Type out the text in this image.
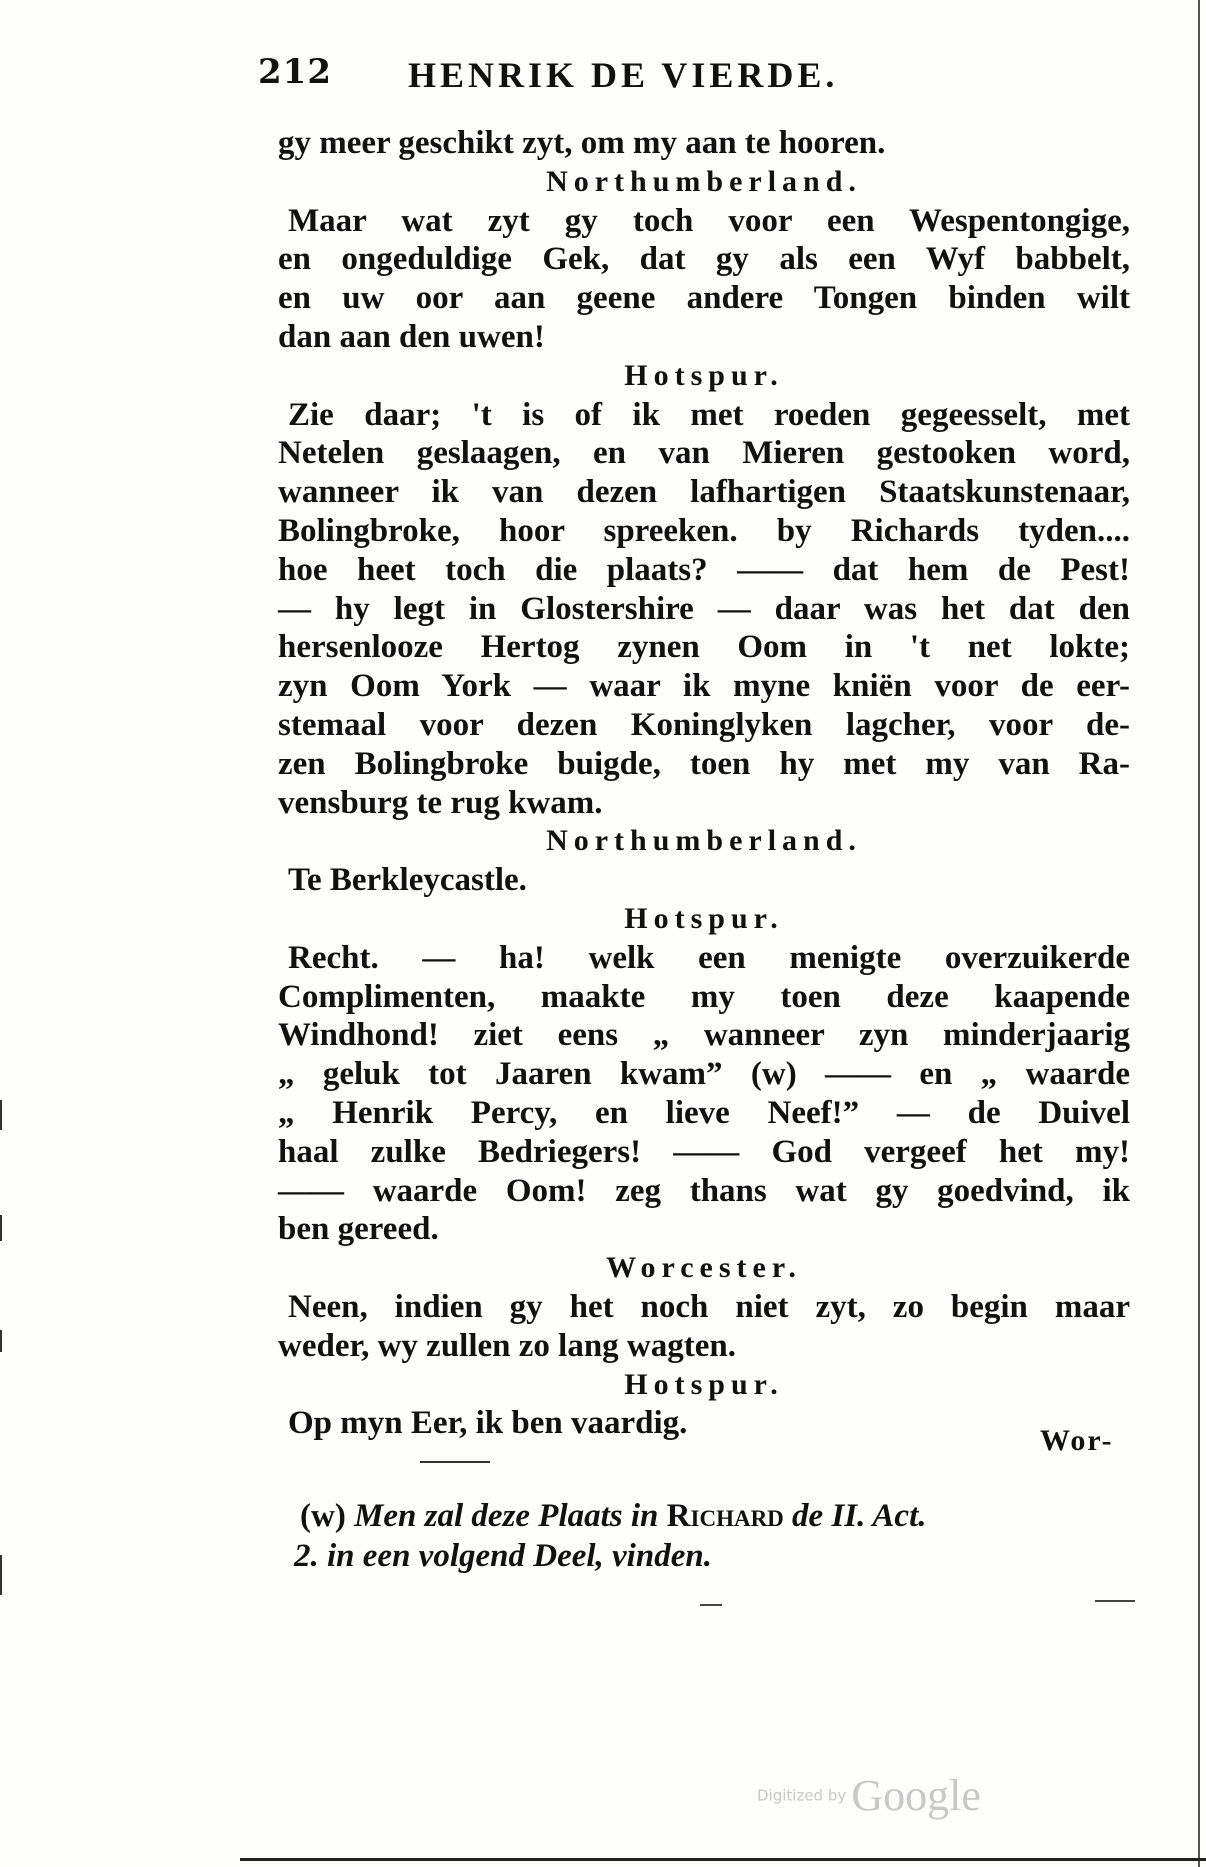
212 HENRIK DE VIERDE.
gy meer geschikt zyt, om my aan te hooren.
Northumberland.
Maar wat zyt gy toch voor een Wespentongige,
en ongeduldige Gek, dat gy als een Wyf babbelt,
en uw oor aan geene andere Tongen binden wilt
dan aan den uwen!
Hotspur.
Zie daar; 't is of ik met roeden gegeesselt, met
Netelen geslaagen, en van Mieren gestooken word,
wanneer ik van dezen lafhartigen Staatskunstenaar,
Bolingbroke, hoor spreeken. by Richards tyden....
hoe heet toch die plaats? —— dat hem de Pest!
— hy legt in Glostershire — daar was het dat den
hersenlooze Hertog zynen Oom in 't net lokte;
zyn Oom York — waar ik myne kniën voor de eer-
stemaal voor dezen Koninglyken lagcher, voor de-
zen Bolingbroke buigde, toen hy met my van Ra-
vensburg te rug kwam.
Northumberland.
Te Berkleycastle.
Hotspur.
Recht. — ha! welk een menigte overzuikerde
Complimenten, maakte my toen deze kaapende
Windhond! ziet eens „ wanneer zyn minderjaarig
„ geluk tot Jaaren kwam” (w) —— en „ waarde
„ Henrik Percy, en lieve Neef!” — de Duivel
haal zulke Bedriegers! —— God vergeef het my!
—— waarde Oom! zeg thans wat gy goedvind, ik
ben gereed.
Worcester.
Neen, indien gy het noch niet zyt, zo begin maar
weder, wy zullen zo lang wagten.
Hotspur.
Op myn Eer, ik ben vaardig.	Wor-
(w) Men zal deze Plaats in Richard de II. Act.
2. in een volgend Deel, vinden.
Digitized by Google
